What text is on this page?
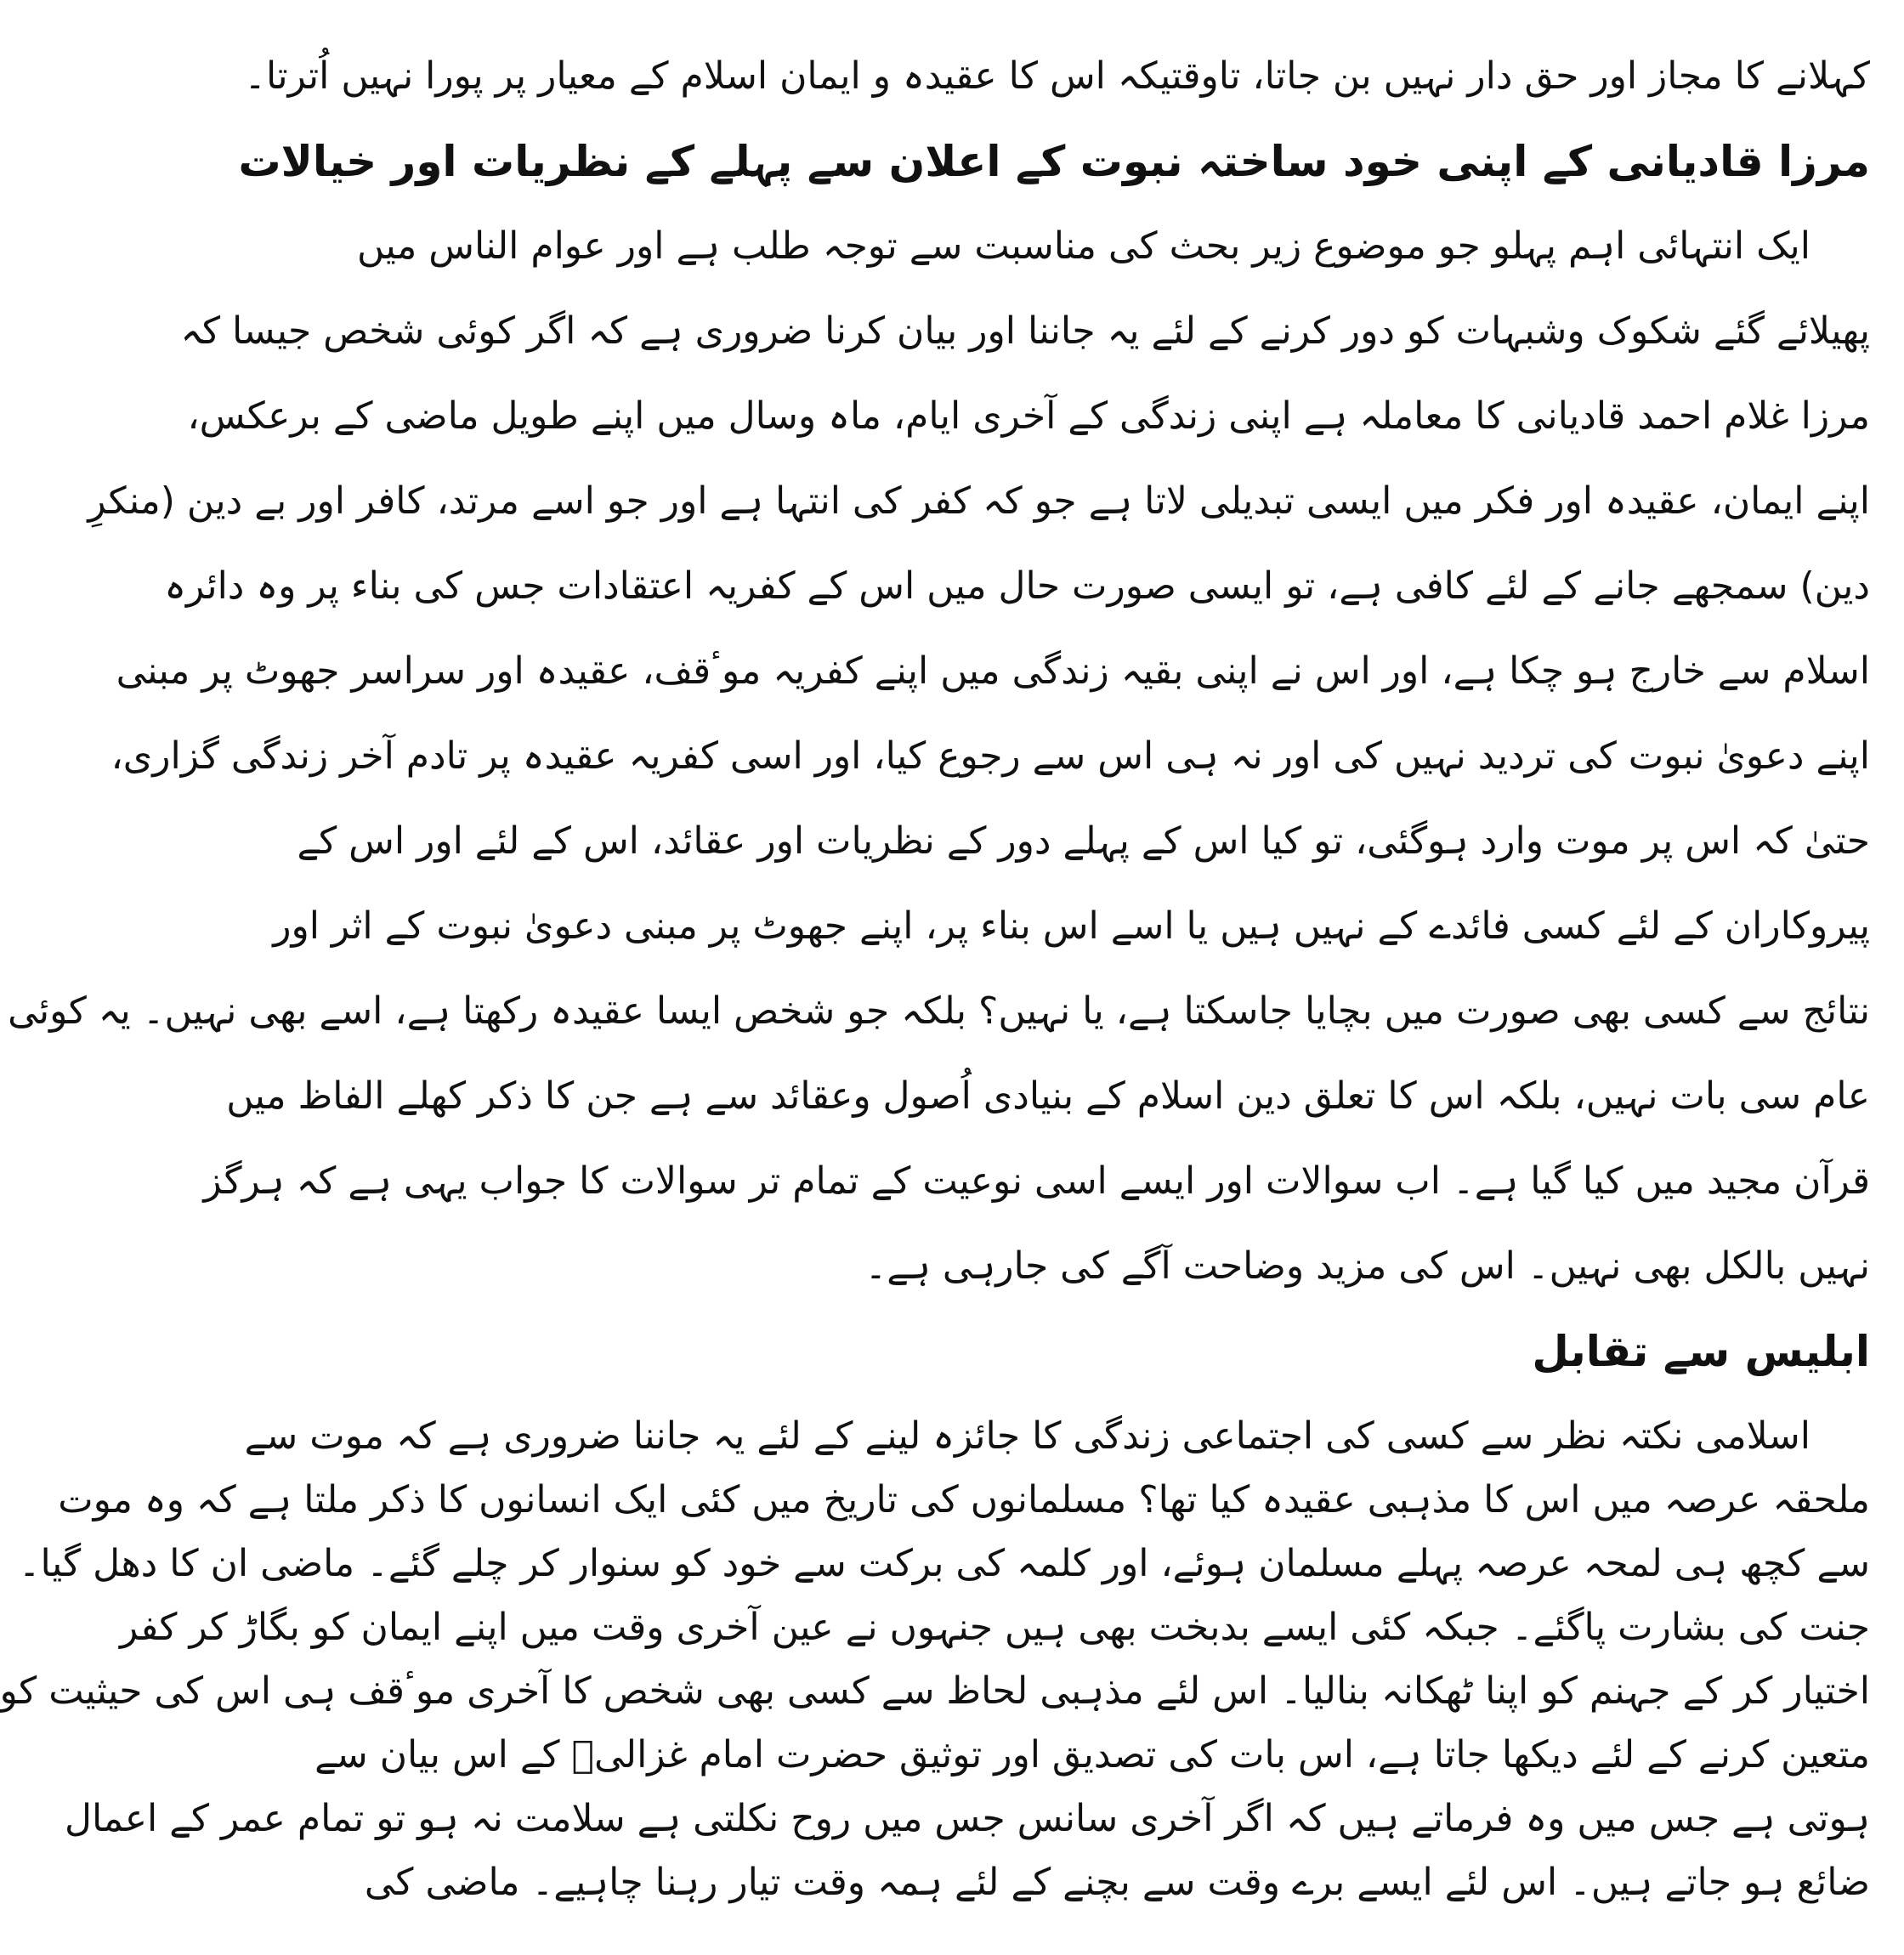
کہلانے کا مجاز اور حق دار نہیں بن جاتا، تاوقتیکہ اس کا عقیدہ و ایمان اسلام کے معیار پر پورا نہیں اُترتا۔
مرزا قادیانی کے اپنی خود ساختہ نبوت کے اعلان سے پہلے کے نظریات اور خیالات
ایک انتہائی اہم پہلو جو موضوع زیر بحث کی مناسبت سے توجہ طلب ہے اور عوام الناس میں
پھیلائے گئے شکوک وشبہات کو دور کرنے کے لئے یہ جاننا اور بیان کرنا ضروری ہے کہ اگر کوئی شخص جیسا کہ
مرزا غلام احمد قادیانی کا معاملہ ہے اپنی زندگی کے آخری ایام، ماہ وسال میں اپنے طویل ماضی کے برعکس،
اپنے ایمان، عقیدہ اور فکر میں ایسی تبدیلی لاتا ہے جو کہ کفر کی انتہا ہے اور جو اسے مرتد، کافر اور بے دین (منکرِ
دین) سمجھے جانے کے لئے کافی ہے، تو ایسی صورت حال میں اس کے کفریہ اعتقادات جس کی بناء پر وہ دائرہ
اسلام سے خارج ہو چکا ہے، اور اس نے اپنی بقیہ زندگی میں اپنے کفریہ موٴقف، عقیدہ اور سراسر جھوٹ پر مبنی
اپنے دعویٰ نبوت کی تردید نہیں کی اور نہ ہی اس سے رجوع کیا، اور اسی کفریہ عقیدہ پر تادم آخر زندگی گزاری،
حتیٰ کہ اس پر موت وارد ہوگئی، تو کیا اس کے پہلے دور کے نظریات اور عقائد، اس کے لئے اور اس کے
پیروکاران کے لئے کسی فائدے کے نہیں ہیں یا اسے اس بناء پر، اپنے جھوٹ پر مبنی دعویٰ نبوت کے اثر اور
نتائج سے کسی بھی صورت میں بچایا جاسکتا ہے، یا نہیں؟ بلکہ جو شخص ایسا عقیدہ رکھتا ہے، اسے بھی نہیں۔ یہ کوئی
عام سی بات نہیں، بلکہ اس کا تعلق دین اسلام کے بنیادی اُصول وعقائد سے ہے جن کا ذکر کھلے الفاظ میں
قرآن مجید میں کیا گیا ہے۔ اب سوالات اور ایسے اسی نوعیت کے تمام تر سوالات کا جواب یہی ہے کہ ہرگز
نہیں بالکل بھی نہیں۔ اس کی مزید وضاحت آگے کی جارہی ہے۔
ابلیس سے تقابل
اسلامی نکتہ نظر سے کسی کی اجتماعی زندگی کا جائزہ لینے کے لئے یہ جاننا ضروری ہے کہ موت سے
ملحقہ عرصہ میں اس کا مذہبی عقیدہ کیا تھا؟ مسلمانوں کی تاریخ میں کئی ایک انسانوں کا ذکر ملتا ہے کہ وہ موت
سے کچھ ہی لمحہ عرصہ پہلے مسلمان ہوئے، اور کلمہ کی برکت سے خود کو سنوار کر چلے گئے۔ ماضی ان کا دھل گیا۔
جنت کی بشارت پاگئے۔ جبکہ کئی ایسے بدبخت بھی ہیں جنہوں نے عین آخری وقت میں اپنے ایمان کو بگاڑ کر کفر
اختیار کر کے جہنم کو اپنا ٹھکانہ بنالیا۔ اس لئے مذہبی لحاظ سے کسی بھی شخص کا آخری موٴقف ہی اس کی حیثیت کو
متعین کرنے کے لئے دیکھا جاتا ہے، اس بات کی تصدیق اور توثیق حضرت امام غزالیؒ کے اس بیان سے
ہوتی ہے جس میں وہ فرماتے ہیں کہ اگر آخری سانس جس میں روح نکلتی ہے سلامت نہ ہو تو تمام عمر کے اعمال
ضائع ہو جاتے ہیں۔ اس لئے ایسے برے وقت سے بچنے کے لئے ہمہ وقت تیار رہنا چاہیے۔ ماضی کی
